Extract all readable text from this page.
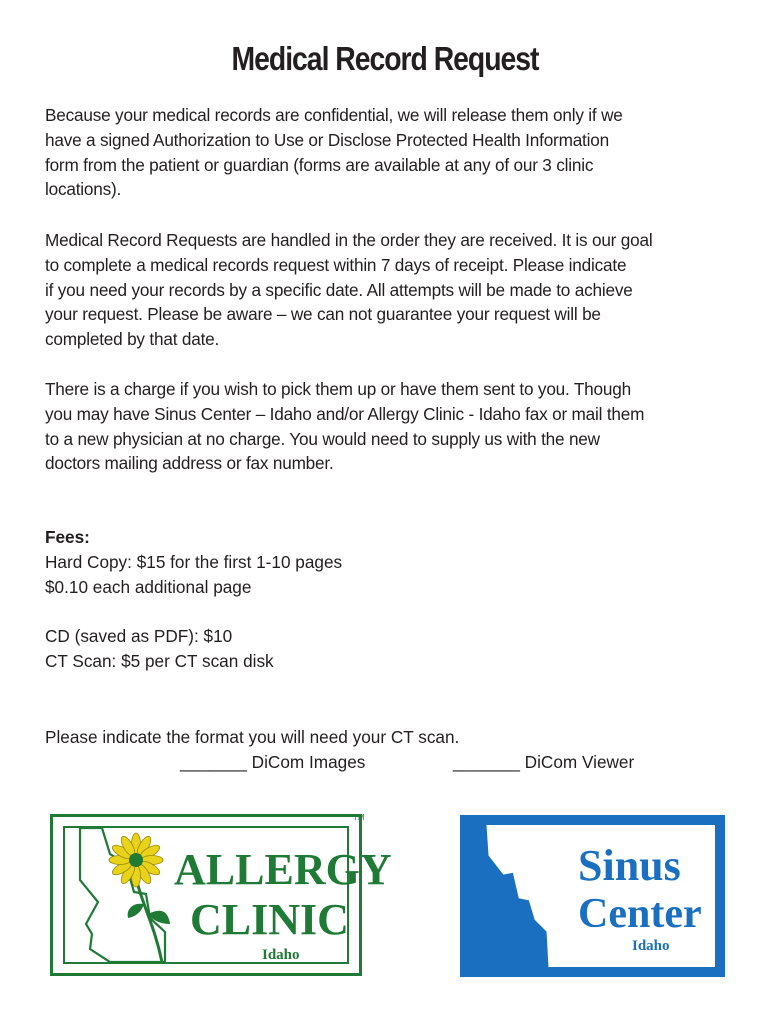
Medical Record Request

Because your medical records are confidential, we will release them only if we
have a signed Authorization to Use or Disclose Protected Health Information
form from the patient or guardian (forms are available at any of our 3 clinic
locations).

Medical Record Requests are handled in the order they are received. It is our goal
to complete a medical records request within 7 days of receipt. Please indicate
if you need your records by a specific date. All attempts will be made to achieve
your request. Please be aware – we can not guarantee your request will be
completed by that date.

There is a charge if you wish to pick them up or have them sent to you. Though
you may have Sinus Center – Idaho and/or Allergy Clinic - Idaho fax or mail them
to a new physician at no charge. You would need to supply us with the new
doctors mailing address or fax number.

Fees:
Hard Copy: $15 for the first 1-10 pages
$0.10 each additional page
CD (saved as PDF): $10
CT Scan: $5 per CT scan disk
Please indicate the format you will need your CT scan.
_______ DiCom Images	_______ DiCom Viewer
ALLERGY
CLINIC
Idaho
TM
Sinus
Center
Idaho
